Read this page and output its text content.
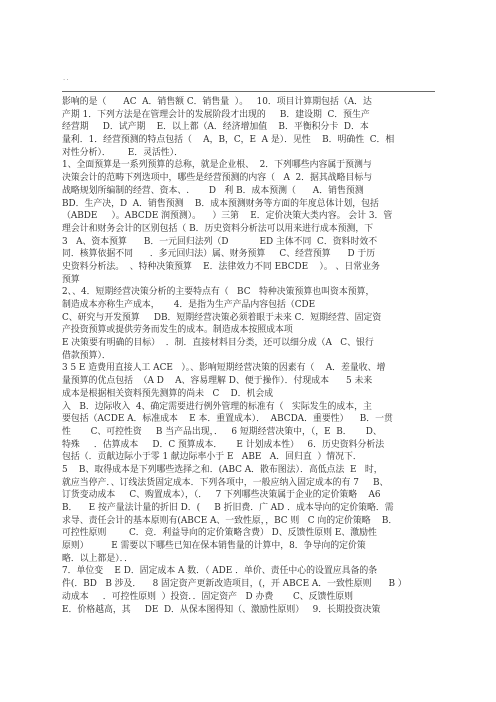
..
影响的是（      AC  A．销售额 C．销售量  ）。   10．项目计算期包括（A．达
产期 1．下列方法是在管理会计的发展阶段才出现的     B．建设期  C．预生产
经营期     D．试产期    E．以上都（A．经济增加值    B．平衡积分卡  D．本
量利．1．经营预测的特点包括（    A，B，C，E  A 是）．见性    B．明确性  C．相
对性分析）．      E．灵活性）．
1、全面预算是一系列预算的总称，就是企业根、  2．下列哪些内容属于预测与
决策会计的范畴下列选项中，哪些是经营预测的内容（   A  2．据其战略目标与
战略规划所编制的经营、资本、.       D   利 B．成本预测（      A．销售预测
BD．生产决，D  A．销售预测    B．成本预测财务等方面的年度总体计划，包括
（ABDE     ）。ABCDE 润预测）。    ）三第    E．定价决策大类内容。 会计 3．管
理会计和财务会计的区别包括（ B．历史资料分析法可以用来进行成本预测，下
3   A、资本预算      B．一元回归法列（D           ED 主体不同  C．资料时效不
同．核算依据不同      ．多元回归法）属、财务预算     C、经营预算      D 于历
史资料分析法。  、特种决策预算    E．法律效力不同 EBCDE    ）。 、日常业务
预算
2、、4．短期经营决策分析的主要特点有（   BC   特种决策预算也叫资本预算，
制造成本亦称生产成本，     4．是指为生产产品内容包括（CDE
C、研究与开发预算     DB．短期经营决策必须着眼于未来 C．短期经营、固定资
产投资预算或提供劳务而发生的成本。制造成本按照成本项
E 决策要有明确的目标）  ．制．直接材料目分类，还可以细分成（A   C、银行
借款预算）．
3 5 E 造费用直接人工 ACE   ）。、影响短期经营决策的因素有（    A．差量收、增
量预算的优点包括  （A D    A、容易理解 D、便于操作）．付现成本      5 未来
成本是根据相关资料预先测算的尚未   C    D．机会成
入   B．边际收入  4、确定需要进行例外管理的标准有（   实际发生的成本，主
要包括（ACDE A．标准成本    E 本．重置成本）．  ABCDA．重要性）    B．一贯
性       C、可控性资     B 当产品出现，．   6 短期经营决策中，（，E  B．     D、
特殊     ．估算成本     D．C 预算成本．     E 计划成本性）   6．历史资料分析法
包括（．贡献边际小于零 1 献边际率小于 E   ABE   A．回归直  ）情况下．
5    B、取得成本是下列哪些选择之和．(ABC A．散布图法）．高低点法  E   时，
就应当停产．、订线法货固定成本．下列各项中，一般应纳入固定成本的有 7     B、
订货变动成本     C、购置成本），（．   7 下列哪些决策属于企业的定价策略    A6
B．    E 按产量法计量的折旧 D．(     B 折旧费．广 AD ．成本导向的定价策略．需
求导、责任会计的基本原则有(ABCE A、一致性原，，BC 则   C 向的定价策略    B．
可控性原则        C．竞．利益导向的定价策略含费） D、反馈性原则 E、激励性
原则）        E 需要以下哪些已知在保本销售量的计算中，8．争导向的定价策
略．以上都是）．．
7．单位变    E D．固定成本 A 数．（ ADE ．单价、责任中心的设置应具备的条
件(．BD   B 涉及．    8 固定资产更新改造项目，(，开 ABCE A．一致性原则      B ）
动成本     ．可控性原则  ）投资．．固定资产   D 办费       C、反馈性原则
E．价格越高，其     DE  D．从保本图得知（、激励性原则）   9．长期投资决策
